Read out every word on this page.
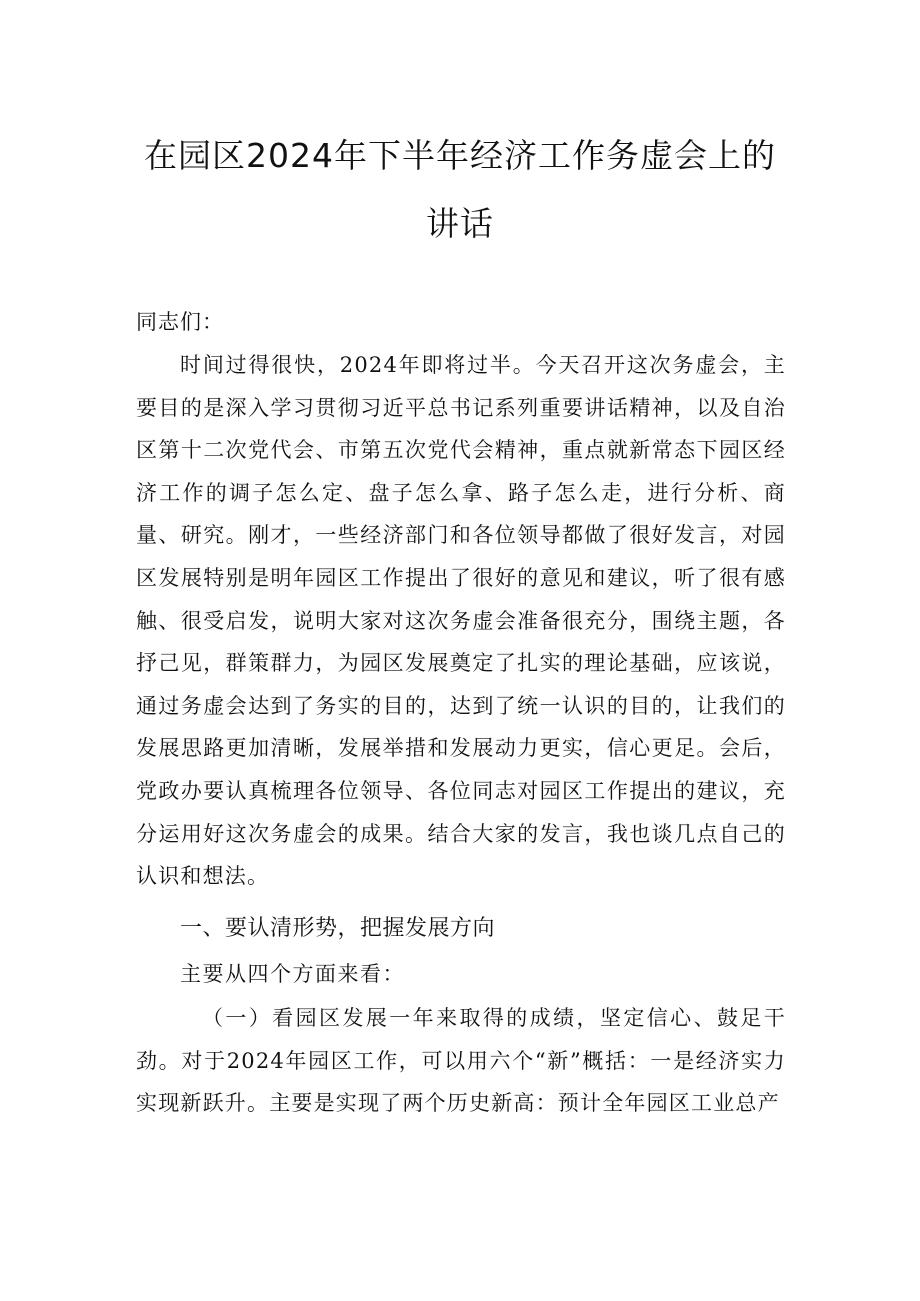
在园区2024年下半年经济工作务虚会上的
讲话
同志们：

时间过得很快，2024年即将过半。今天召开这次务虚会，主要目的是深入学习贯彻习近平总书记系列重要讲话精神，以及自治区第十二次党代会、市第五次党代会精神，重点就新常态下园区经济工作的调子怎么定、盘子怎么拿、路子怎么走，进行分析、商量、研究。刚才，一些经济部门和各位领导都做了很好发言，对园区发展特别是明年园区工作提出了很好的意见和建议，听了很有感触、很受启发，说明大家对这次务虚会准备很充分，围绕主题，各抒己见，群策群力，为园区发展奠定了扎实的理论基础，应该说，通过务虚会达到了务实的目的，达到了统一认识的目的，让我们的发展思路更加清晰，发展举措和发展动力更实，信心更足。会后，党政办要认真梳理各位领导、各位同志对园区工作提出的建议，充分运用好这次务虚会的成果。结合大家的发言，我也谈几点自己的认识和想法。

一、要认清形势，把握发展方向
主要从四个方面来看：

（一）看园区发展一年来取得的成绩，坚定信心、鼓足干劲。对于2024年园区工作，可以用六个“新”概括：一是经济实力实现新跃升。主要是实现了两个历史新高：预计全年园区工业总产
